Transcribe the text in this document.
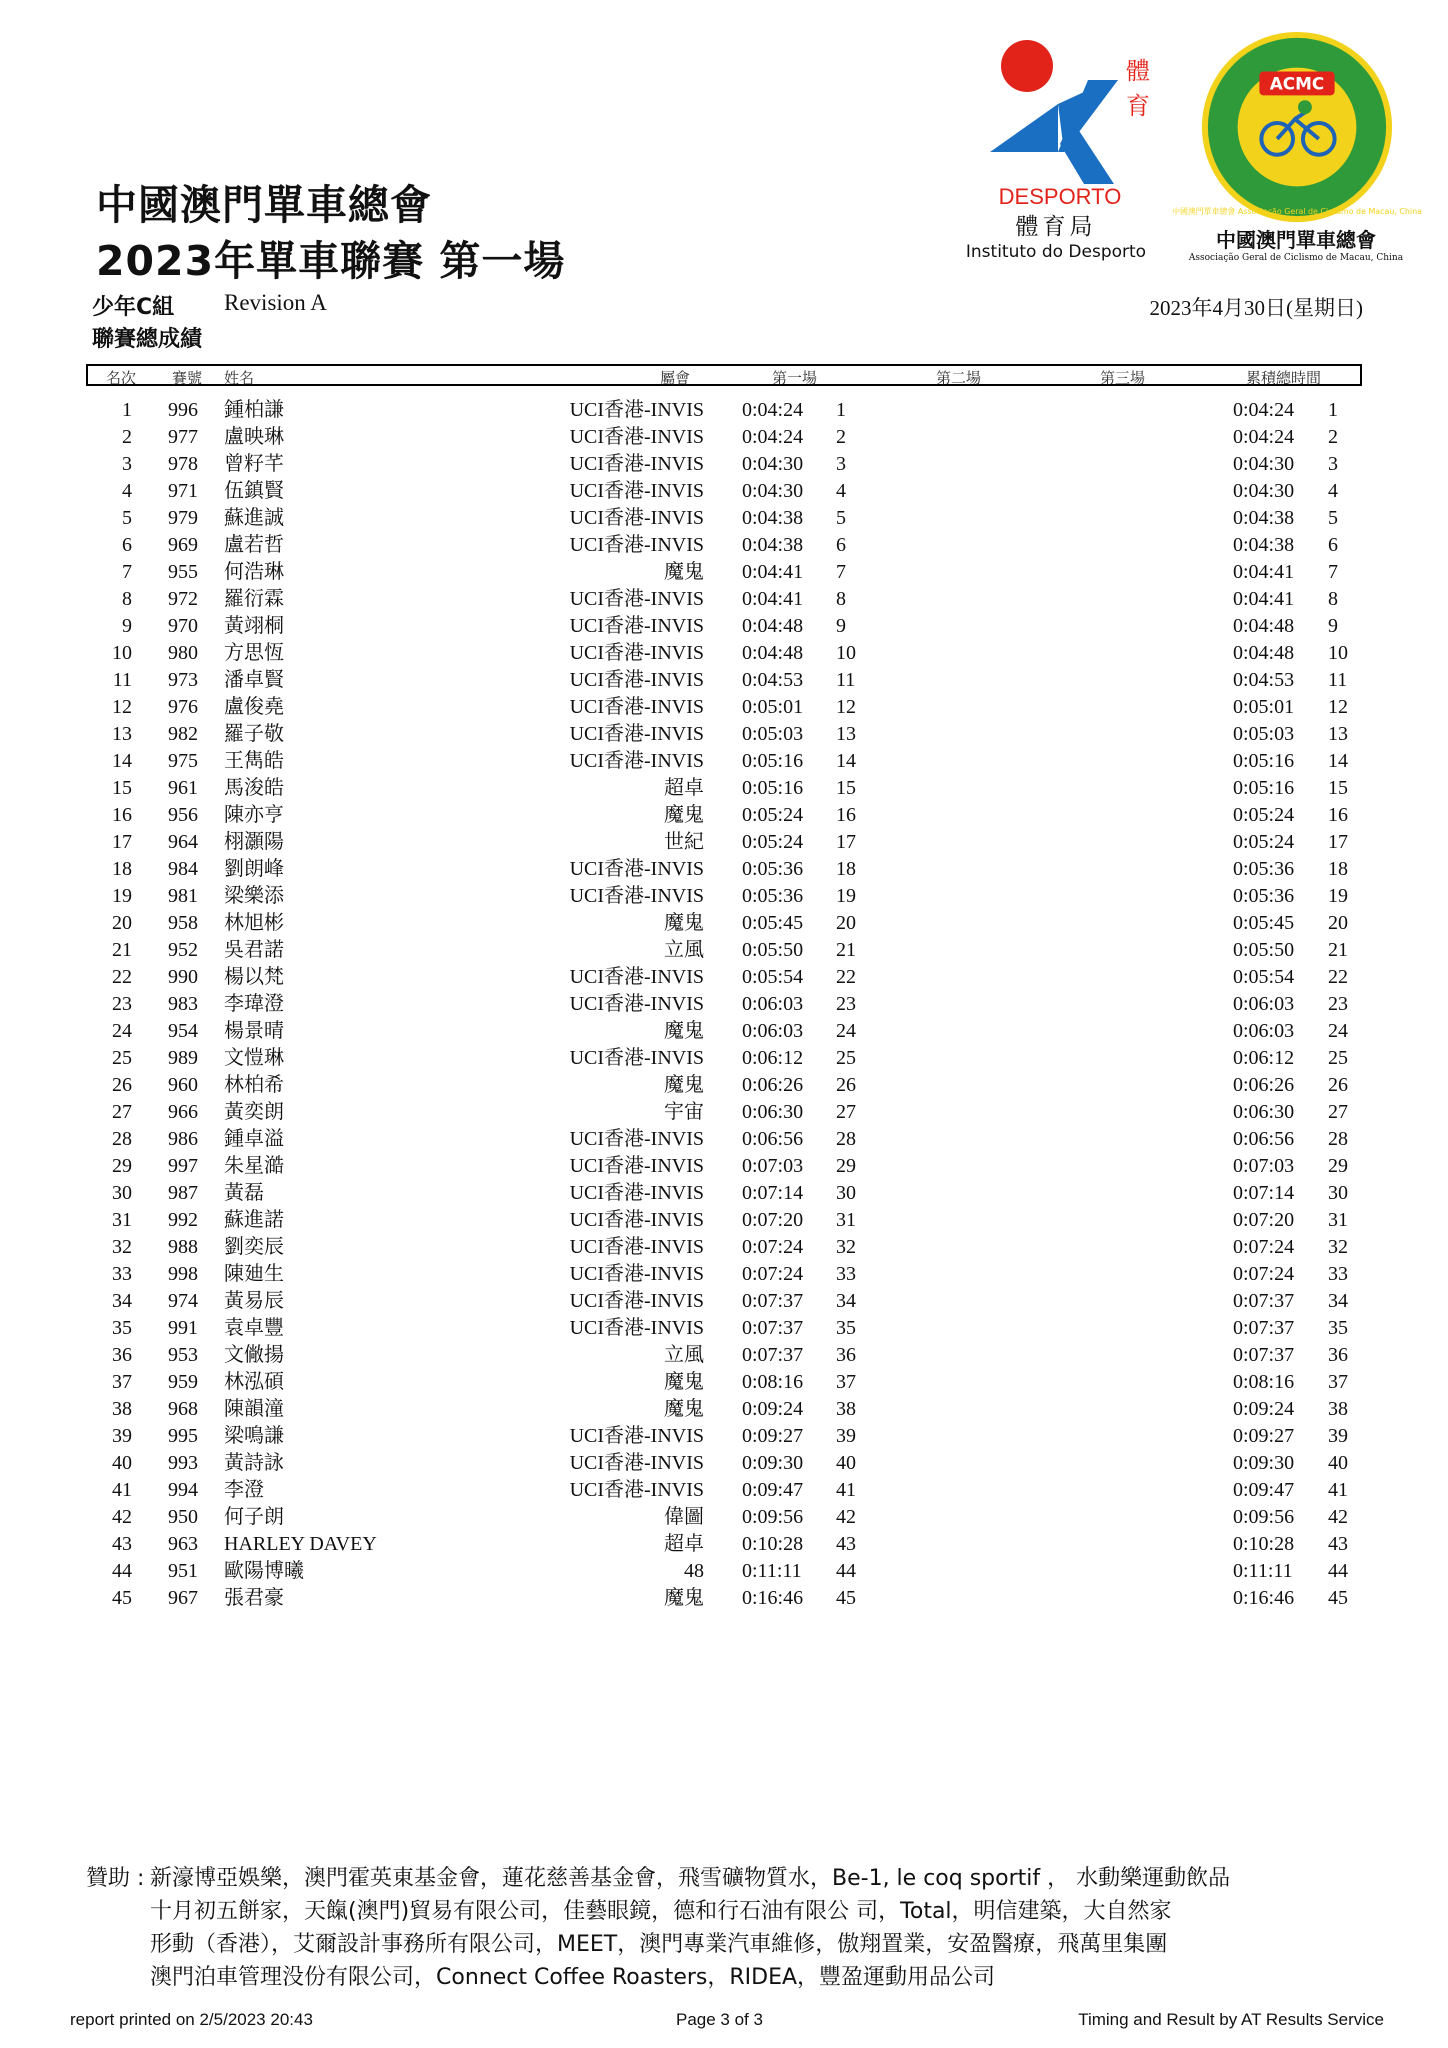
中國澳門單車總會
2023年單車聯賽 第一場
少年C組 Revision A	2023年4月30日(星期日)
聯賽總成績
體
育
DESPORTO
體育局
Instituto do Desporto
ACMC
中國澳門單車總會 Associação Geral de Ciclismo de Macau, China
中國澳門單車總會
Associação Geral de Ciclismo de Macau, China
名次 賽號 姓名	屬會	第一場	第二場	第三場	累積總時間
1 996 鍾柏謙	UCI香港-INVIS 0:04:24 1	0:04:24 1
2 977 盧映琳	UCI香港-INVIS 0:04:24 2	0:04:24 2
3 978 曾籽芊	UCI香港-INVIS 0:04:30 3	0:04:30 3
4 971 伍鎮賢	UCI香港-INVIS 0:04:30 4	0:04:30 4
5 979 蘇進誠	UCI香港-INVIS 0:04:38 5	0:04:38 5
6 969 盧若哲	UCI香港-INVIS 0:04:38 6	0:04:38 6
7 955 何浩琳	魔鬼 0:04:41 7	0:04:41 7
8 972 羅衍霖	UCI香港-INVIS 0:04:41 8	0:04:41 8
9 970 黃翊桐	UCI香港-INVIS 0:04:48 9	0:04:48 9
10 980 方思恆	UCI香港-INVIS 0:04:48 10	0:04:48 10
11 973 潘卓賢	UCI香港-INVIS 0:04:53 11	0:04:53 11
12 976 盧俊堯	UCI香港-INVIS 0:05:01 12	0:05:01 12
13 982 羅子敬	UCI香港-INVIS 0:05:03 13	0:05:03 13
14 975 王雋皓	UCI香港-INVIS 0:05:16 14	0:05:16 14
15 961 馬浚皓	超卓 0:05:16 15	0:05:16 15
16 956 陳亦亨	魔鬼 0:05:24 16	0:05:24 16
17 964 栩灝陽	世紀 0:05:24 17	0:05:24 17
18 984 劉朗峰	UCI香港-INVIS 0:05:36 18	0:05:36 18
19 981 梁樂添	UCI香港-INVIS 0:05:36 19	0:05:36 19
20 958 林旭彬	魔鬼 0:05:45 20	0:05:45 20
21 952 吳君諾	立風 0:05:50 21	0:05:50 21
22 990 楊以梵	UCI香港-INVIS 0:05:54 22	0:05:54 22
23 983 李瑋澄	UCI香港-INVIS 0:06:03 23	0:06:03 23
24 954 楊景晴	魔鬼 0:06:03 24	0:06:03 24
25 989 文愷琳	UCI香港-INVIS 0:06:12 25	0:06:12 25
26 960 林柏希	魔鬼 0:06:26 26	0:06:26 26
27 966 黃奕朗	宇宙 0:06:30 27	0:06:30 27
28 986 鍾卓溢	UCI香港-INVIS 0:06:56 28	0:06:56 28
29 997 朱星澔	UCI香港-INVIS 0:07:03 29	0:07:03 29
30 987 黃磊	UCI香港-INVIS 0:07:14 30	0:07:14 30
31 992 蘇進諾	UCI香港-INVIS 0:07:20 31	0:07:20 31
32 988 劉奕辰	UCI香港-INVIS 0:07:24 32	0:07:24 32
33 998 陳廸生	UCI香港-INVIS 0:07:24 33	0:07:24 33
34 974 黃易辰	UCI香港-INVIS 0:07:37 34	0:07:37 34
35 991 袁卓豐	UCI香港-INVIS 0:07:37 35	0:07:37 35
36 953 文僘揚	立風 0:07:37 36	0:07:37 36
37 959 林泓碩	魔鬼 0:08:16 37	0:08:16 37
38 968 陳韻潼	魔鬼 0:09:24 38	0:09:24 38
39 995 梁鳴謙	UCI香港-INVIS 0:09:27 39	0:09:27 39
40 993 黃詩詠	UCI香港-INVIS 0:09:30 40	0:09:30 40
41 994 李澄	UCI香港-INVIS 0:09:47 41	0:09:47 41
42 950 何子朗	偉圖 0:09:56 42	0:09:56 42
43 963 HARLEY DAVEY	超卓 0:10:28 43	0:10:28 43
44 951 歐陽博曦	48 0:11:11 44	0:11:11 44
45 967 張君豪	魔鬼 0:16:46 45	0:16:46 45
贊助 : 新濠博亞娛樂，澳門霍英東基金會，蓮花慈善基金會，飛雪礦物質水，Be-1, le coq sportif ， 水動樂運動飲品
十月初五餅家，天餼(澳門)貿易有限公司，佳藝眼鏡，德和行石油有限公 司，Total，明信建築，大自然家
形動（香港），艾爾設計事務所有限公司，MEET，澳門專業汽車維修，傲翔置業，安盈醫療，飛萬里集團
澳門泊車管理没份有限公司，Connect Coffee Roasters，RIDEA，豐盈運動用品公司
report printed on 2/5/2023 20:43	Page 3 of 3	Timing and Result by AT Results Service
